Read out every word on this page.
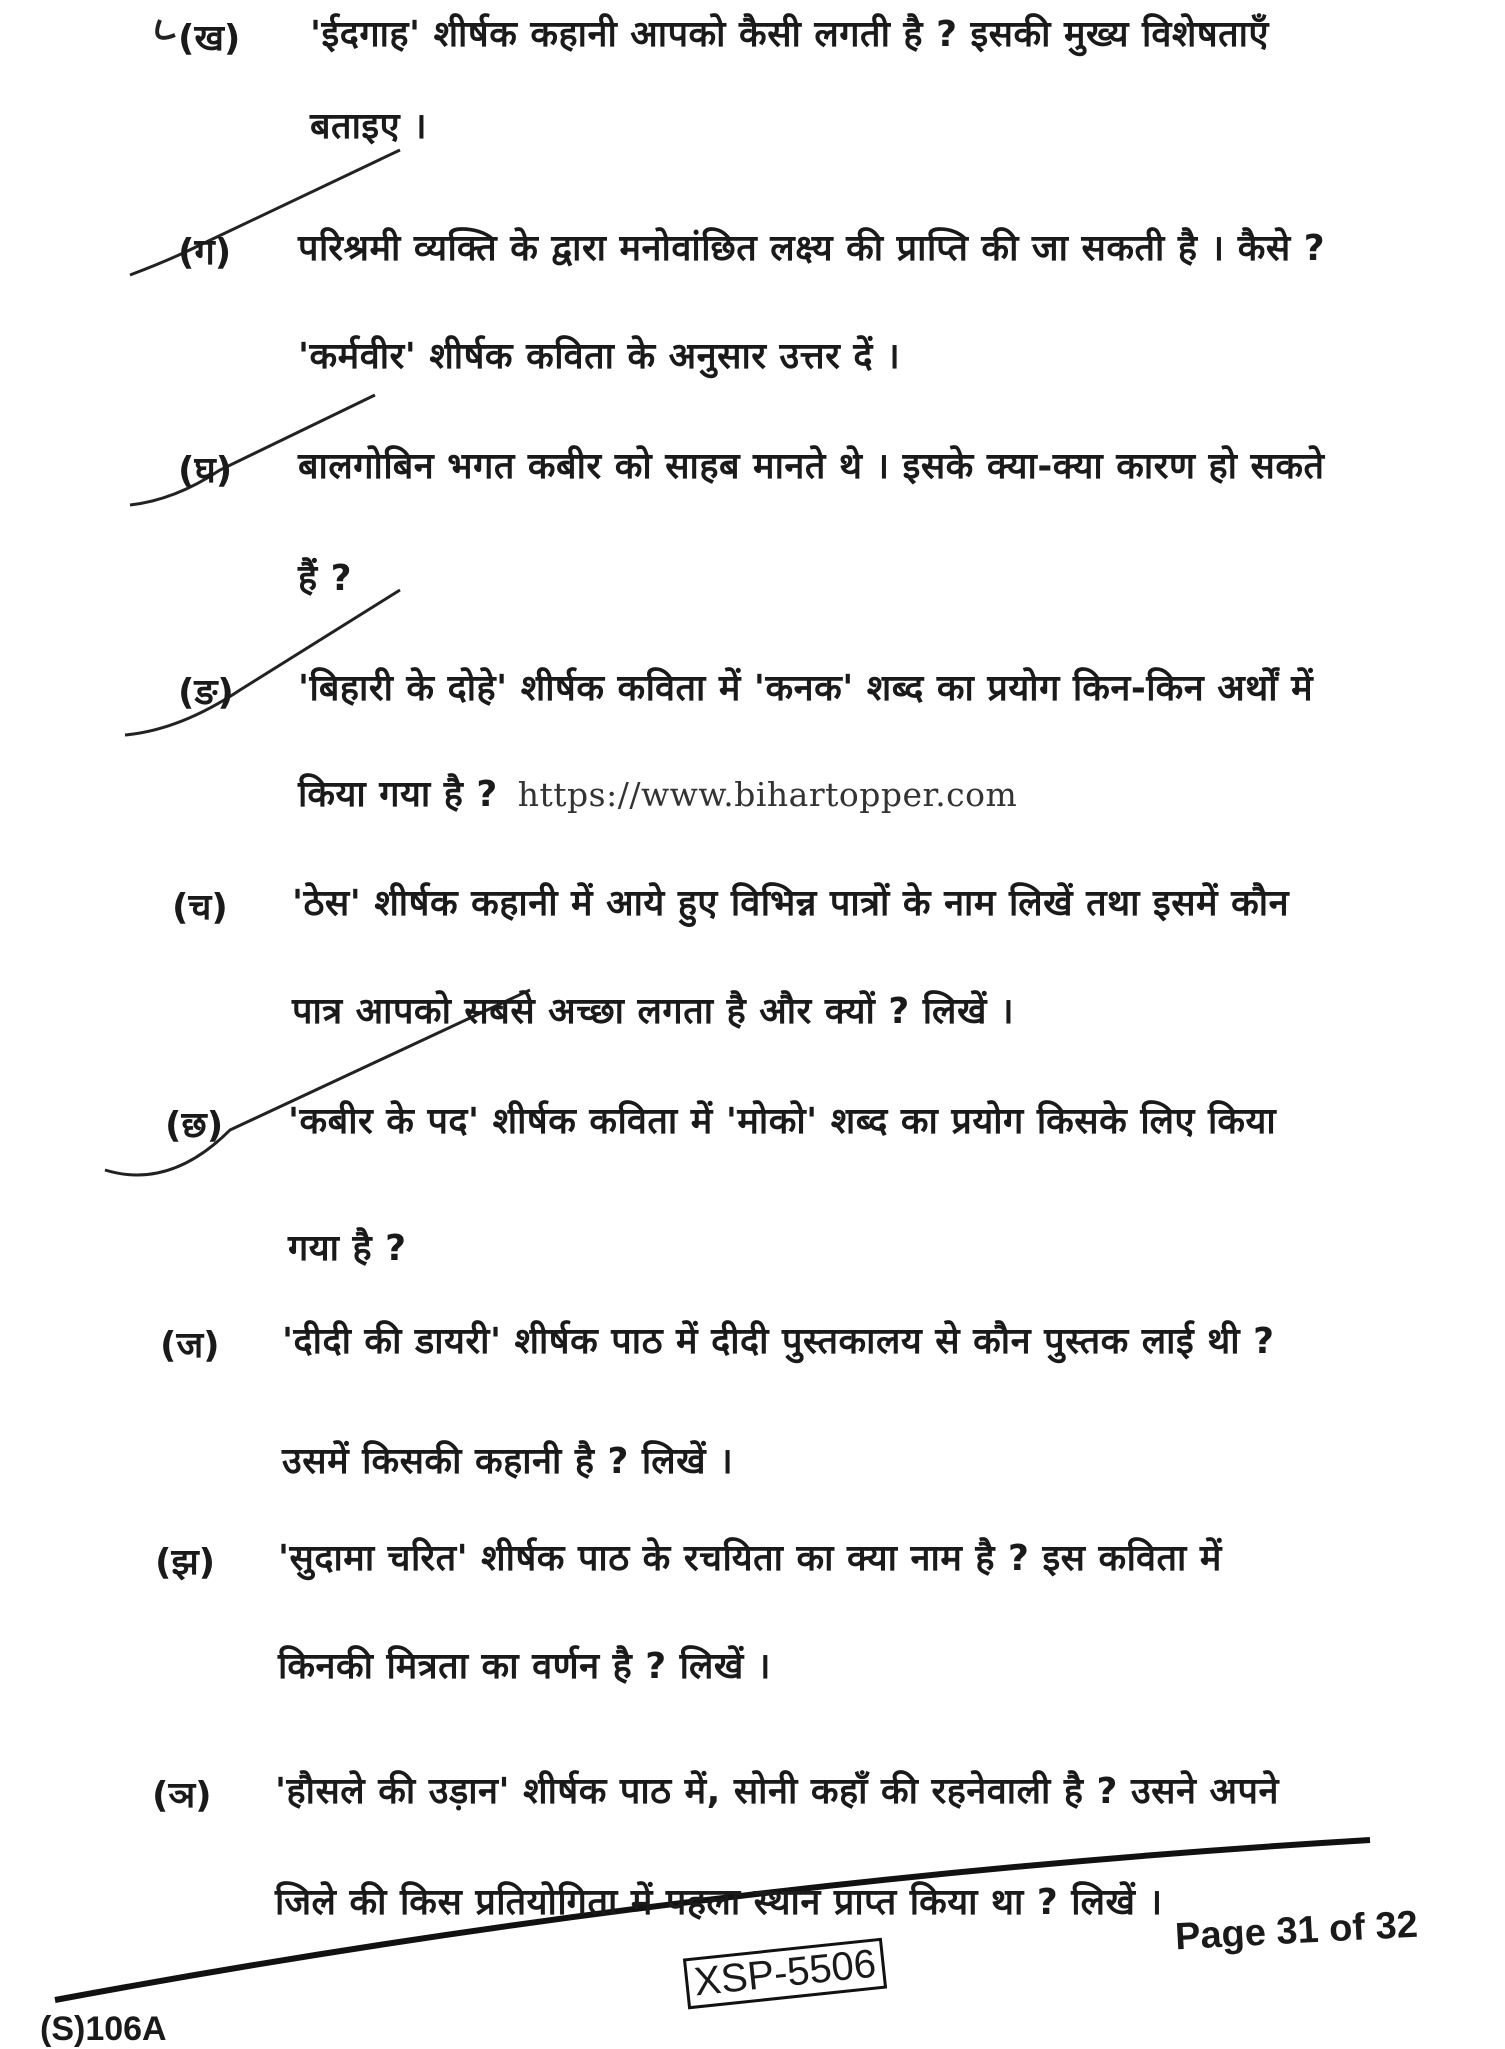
(ख) 'ईदगाह' शीर्षक कहानी आपको कैसी लगती है ? इसकी मुख्य विशेषताएँ
बताइए ।
(ग) परिश्रमी व्यक्ति के द्वारा मनोवांछित लक्ष्य की प्राप्ति की जा सकती है । कैसे ?
'कर्मवीर' शीर्षक कविता के अनुसार उत्तर दें ।
(घ) बालगोबिन भगत कबीर को साहब मानते थे । इसके क्या-क्या कारण हो सकते
हैं ?
(ङ) 'बिहारी के दोहे' शीर्षक कविता में 'कनक' शब्द का प्रयोग किन-किन अर्थों में
किया गया है ? https://www.bihartopper.com
(च) 'ठेस' शीर्षक कहानी में आये हुए विभिन्न पात्रों के नाम लिखें तथा इसमें कौन
पात्र आपको सबसे अच्छा लगता है और क्यों ? लिखें ।
(छ) 'कबीर के पद' शीर्षक कविता में 'मोको' शब्द का प्रयोग किसके लिए किया
गया है ?
(ज) 'दीदी की डायरी' शीर्षक पाठ में दीदी पुस्तकालय से कौन पुस्तक लाई थी ?
उसमें किसकी कहानी है ? लिखें ।
(झ) 'सुदामा चरित' शीर्षक पाठ के रचयिता का क्या नाम है ? इस कविता में
किनकी मित्रता का वर्णन है ? लिखें ।
(ञ) 'हौसले की उड़ान' शीर्षक पाठ में, सोनी कहाँ की रहनेवाली है ? उसने अपने
जिले की किस प्रतियोगिता में पहला स्थान प्राप्त किया था ? लिखें ।
Page 31 of 32
XSP-5506
(S)106A
